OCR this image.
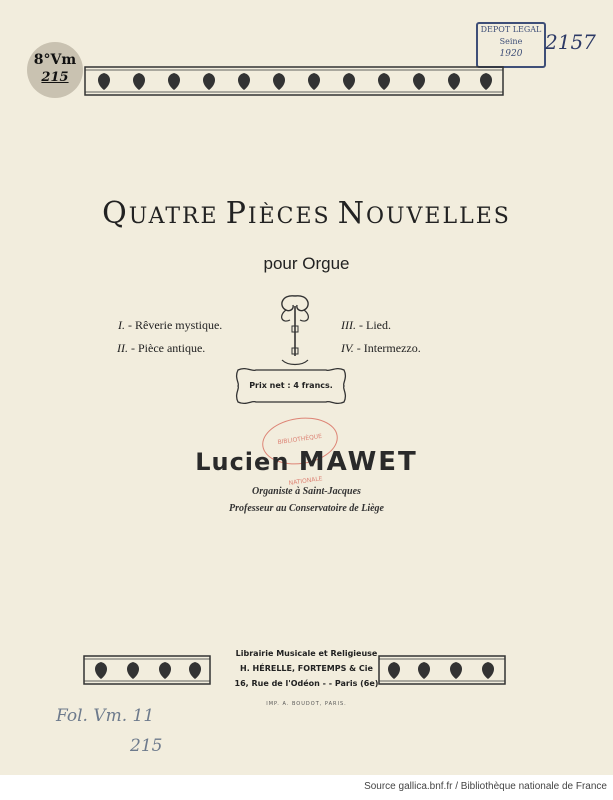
8°Vm
215
DEPOT LEGAL
Seine
1920	2157
QUATRE PIÈCES NOUVELLES
pour Orgue
I. - Rêverie mystique.
II. - Pièce antique.
III. - Lied.
IV. - Intermezzo.
Prix net : 4 francs.
BIBLIOTHÈQUE NATIONALE
Lucien MAWET
Organiste à Saint-Jacques
Professeur au Conservatoire de Liège
Librairie Musicale et Religieuse
H. HÉRELLE, FORTEMPS & Cie
16, Rue de l'Odéon - - Paris (6e)
IMP. A. BOUDOT, PARIS.
Fol. Vm. 11
215
Source gallica.bnf.fr / Bibliothèque nationale de France
